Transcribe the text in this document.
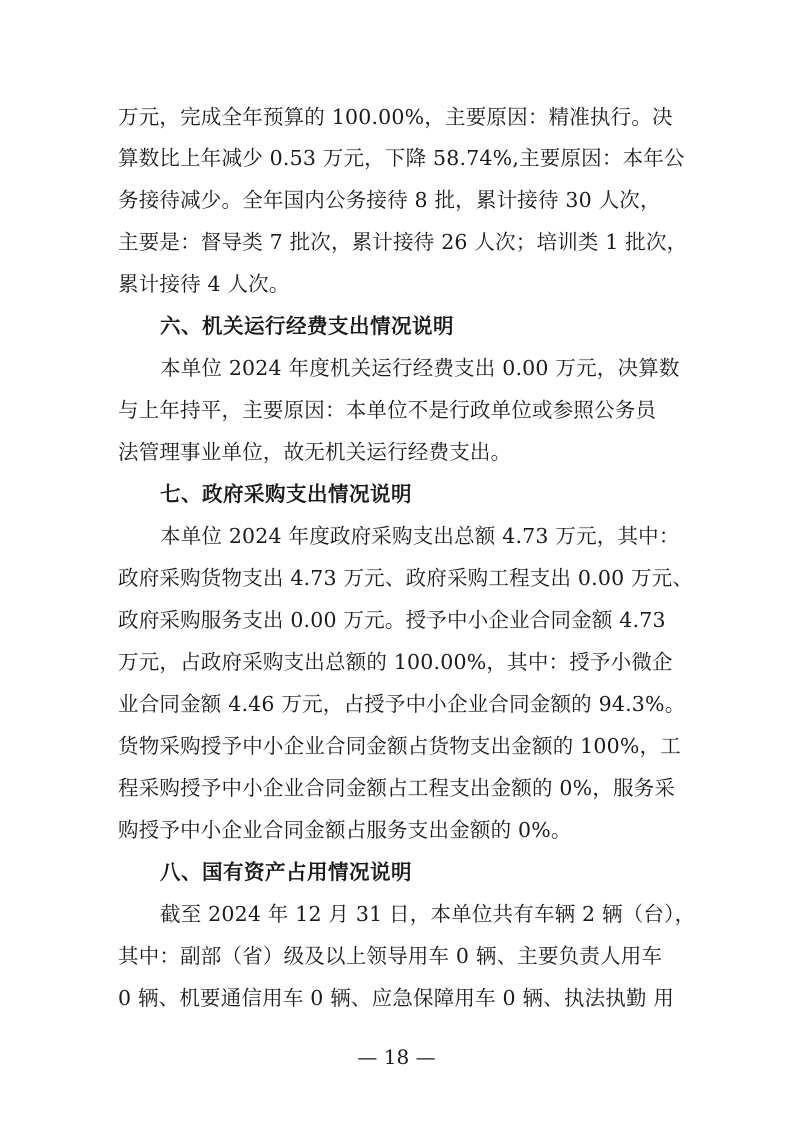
万元，完成全年预算的 100.00%，主要原因：精准执行。决
算数比上年减少 0.53 万元，下降 58.74%,主要原因：本年公
务接待减少。全年国内公务接待 8 批，累计接待 30 人次，
主要是：督导类 7 批次，累计接待 26 人次；培训类 1 批次，
累计接待 4 人次。
六、机关运行经费支出情况说明
本单位 2024 年度机关运行经费支出 0.00 万元，决算数
与上年持平，主要原因：本单位不是行政单位或参照公务员
法管理事业单位，故无机关运行经费支出。
七、政府采购支出情况说明
本单位 2024 年度政府采购支出总额 4.73 万元，其中：
政府采购货物支出 4.73 万元、政府采购工程支出 0.00 万元、
政府采购服务支出 0.00 万元。授予中小企业合同金额 4.73
万元，占政府采购支出总额的 100.00%，其中：授予小微企
业合同金额 4.46 万元，占授予中小企业合同金额的 94.3%。
货物采购授予中小企业合同金额占货物支出金额的 100%，工
程采购授予中小企业合同金额占工程支出金额的 0%，服务采
购授予中小企业合同金额占服务支出金额的 0%。
八、国有资产占用情况说明
截至 2024 年 12 月 31 日，本单位共有车辆 2 辆（台），
其中：副部（省）级及以上领导用车 0 辆、主要负责人用车
0 辆、机要通信用车 0 辆、应急保障用车 0 辆、执法执勤 用
— 18 —
